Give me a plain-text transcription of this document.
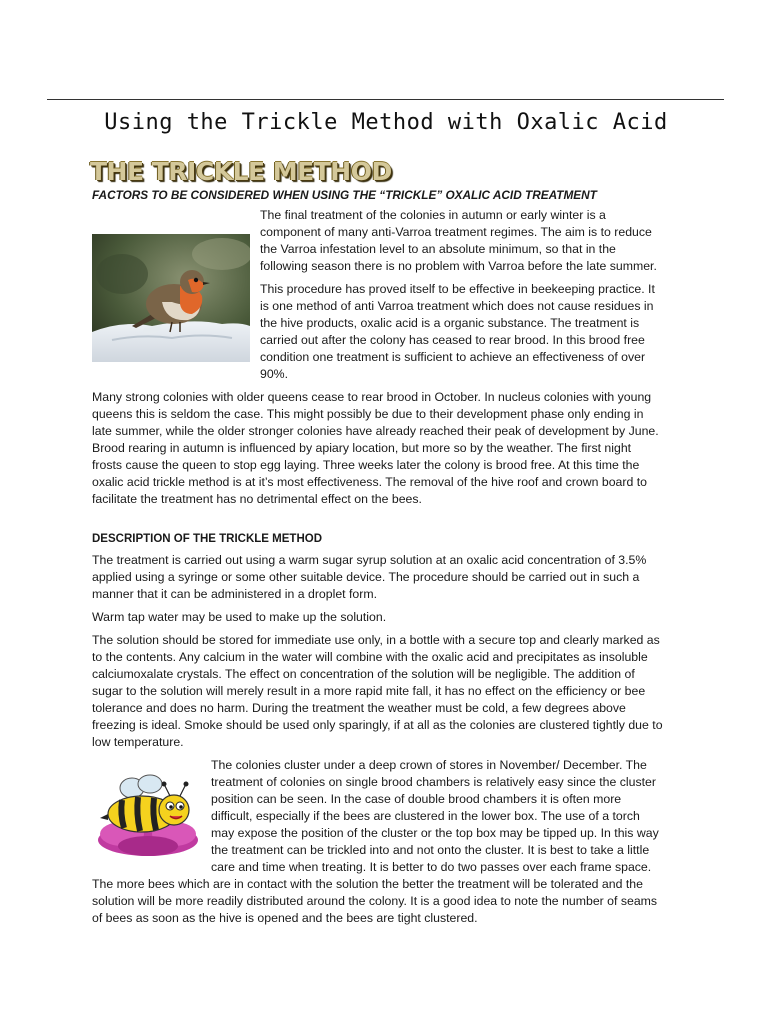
Using the Trickle Method with Oxalic Acid
THE TRICKLE METHOD

FACTORS TO BE CONSIDERED WHEN USING THE “TRICKLE” OXALIC ACID TREATMENT

The final treatment of the colonies in autumn or early winter is a component of many anti-Varroa treatment regimes. The aim is to reduce the Varroa infestation level to an absolute minimum, so that in the following season there is no problem with Varroa before the late summer.

This procedure has proved itself to be effective in beekeeping practice. It is one method of anti Varroa treatment which does not cause residues in the hive products, oxalic acid is a organic substance. The treatment is carried out after the colony has ceased to rear brood. In this brood free condition one treatment is sufficient to achieve an effectiveness of over 90%.

Many strong colonies with older queens cease to rear brood in October. In nucleus colonies with young queens this is seldom the case. This might possibly be due to their development phase only ending in late summer, while the older stronger colonies have already reached their peak of development by June. Brood rearing in autumn is influenced by apiary location, but more so by the weather. The first night frosts cause the queen to stop egg laying. Three weeks later the colony is brood free. At this time the oxalic acid trickle method is at it’s most effectiveness. The removal of the hive roof and crown board to facilitate the treatment has no detrimental effect on the bees.

DESCRIPTION OF THE TRICKLE METHOD

The treatment is carried out using a warm sugar syrup solution at an oxalic acid concentration of 3.5% applied using a syringe or some other suitable device. The procedure should be carried out in such a manner that it can be administered in a droplet form.

Warm tap water may be used to make up the solution.

The solution should be stored for immediate use only, in a bottle with a secure top and clearly marked as to the contents. Any calcium in the water will combine with the oxalic acid and precipitates as insoluble calciumoxalate crystals. The effect on concentration of the solution will be negligible. The addition of sugar to the solution will merely result in a more rapid mite fall, it has no effect on the efficiency or bee tolerance and does no harm. During the treatment the weather must be cold, a few degrees above freezing is ideal. Smoke should be used only sparingly, if at all as the colonies are clustered tightly due to low temperature.

The colonies cluster under a deep crown of stores in November/ December. The treatment of colonies on single brood chambers is relatively easy since the cluster position can be seen. In the case of double brood chambers it is often more difficult, especially if the bees are clustered in the lower box. The use of a torch may expose the position of the cluster or the top box may be tipped up. In this way the treatment can be trickled into and not onto the cluster. It is best to take a little care and time when treating. It is better to do two passes over each frame space. The more bees which are in contact with the solution the better the treatment will be tolerated and the solution will be more readily distributed around the colony. It is a good idea to note the number of seams of bees as soon as the hive is opened and the bees are tight clustered.
